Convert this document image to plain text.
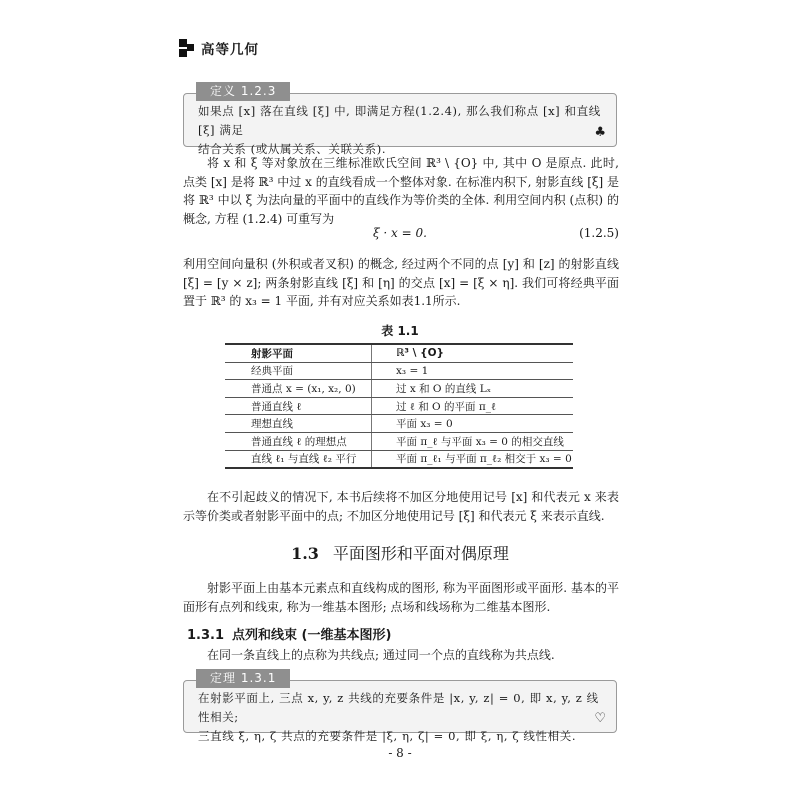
高等几何
定义 1.2.3
如果点 [x] 落在直线 [ξ] 中, 即满足方程(1.2.4), 那么我们称点 [x] 和直线 [ξ] 满足
结合关系 (或从属关系、关联关系).
♣

将 x 和 ξ 等对象放在三维标准欧氏空间 ℝ³ \ {O} 中, 其中 O 是原点. 此时, 点类 [x] 是将 ℝ³ 中过 x 的直线看成一个整体对象. 在标准内积下, 射影直线 [ξ] 是将 ℝ³ 中以 ξ 为法向量的平面中的直线作为等价类的全体. 利用空间内积 (点积) 的概念, 方程 (1.2.4) 可重写为

ξ · x = 0.	(1.2.5)

利用空间向量积 (外积或者叉积) 的概念, 经过两个不同的点 [y] 和 [z] 的射影直线 [ξ] = [y × z]; 两条射影直线 [ξ] 和 [η] 的交点 [x] = [ξ × η]. 我们可将经典平面置于 ℝ³ 的 x₃ = 1 平面, 并有对应关系如表1.1所示.

表 1.1
射影平面	ℝ³ \ {O}
经典平面	x₃ = 1
普通点 x = (x₁, x₂, 0)	过 x 和 O 的直线 Lₓ
普通直线 ℓ	过 ℓ 和 O 的平面 π_ℓ
理想直线	平面 x₃ = 0
普通直线 ℓ 的理想点	平面 π_ℓ 与平面 x₃ = 0 的相交直线
直线 ℓ₁ 与直线 ℓ₂ 平行	平面 π_ℓ₁ 与平面 π_ℓ₂ 相交于 x₃ = 0

在不引起歧义的情况下, 本书后续将不加区分地使用记号 [x] 和代表元 x 来表示等价类或者射影平面中的点; 不加区分地使用记号 [ξ] 和代表元 ξ 来表示直线.

1.3 平面图形和平面对偶原理

射影平面上由基本元素点和直线构成的图形, 称为平面图形或平面形. 基本的平面形有点列和线束, 称为一维基本图形; 点场和线场称为二维基本图形.

1.3.1 点列和线束 (一维基本图形)

在同一条直线上的点称为共线点; 通过同一个点的直线称为共点线.

定理 1.3.1
在射影平面上, 三点 x, y, z 共线的充要条件是 |x, y, z| = 0, 即 x, y, z 线性相关;
三直线 ξ, η, ζ 共点的充要条件是 |ξ, η, ζ| = 0, 即 ξ, η, ζ 线性相关.
♡
- 8 -
